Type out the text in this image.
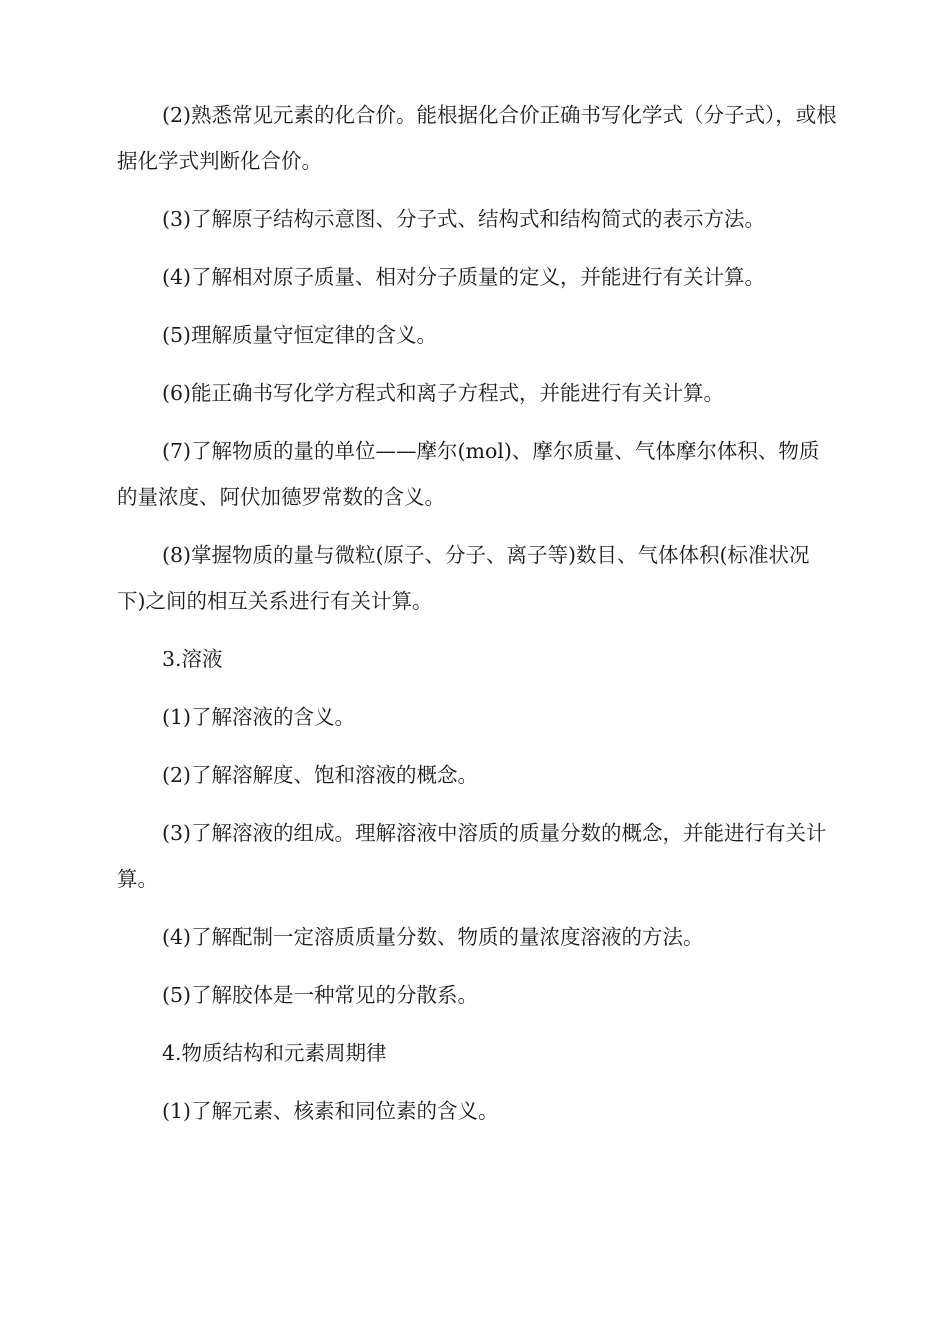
(2)熟悉常见元素的化合价。能根据化合价正确书写化学式（分子式），或根据化学式判断化合价。

(3)了解原子结构示意图、分子式、结构式和结构简式的表示方法。

(4)了解相对原子质量、相对分子质量的定义，并能进行有关计算。

(5)理解质量守恒定律的含义。

(6)能正确书写化学方程式和离子方程式，并能进行有关计算。

(7)了解物质的量的单位——摩尔(mol)、摩尔质量、气体摩尔体积、物质的量浓度、阿伏加德罗常数的含义。

(8)掌握物质的量与微粒(原子、分子、离子等)数目、气体体积(标准状况下)之间的相互关系进行有关计算。

3.溶液

(1)了解溶液的含义。

(2)了解溶解度、饱和溶液的概念。

(3)了解溶液的组成。理解溶液中溶质的质量分数的概念，并能进行有关计算。

(4)了解配制一定溶质质量分数、物质的量浓度溶液的方法。

(5)了解胶体是一种常见的分散系。

4.物质结构和元素周期律

(1)了解元素、核素和同位素的含义。
